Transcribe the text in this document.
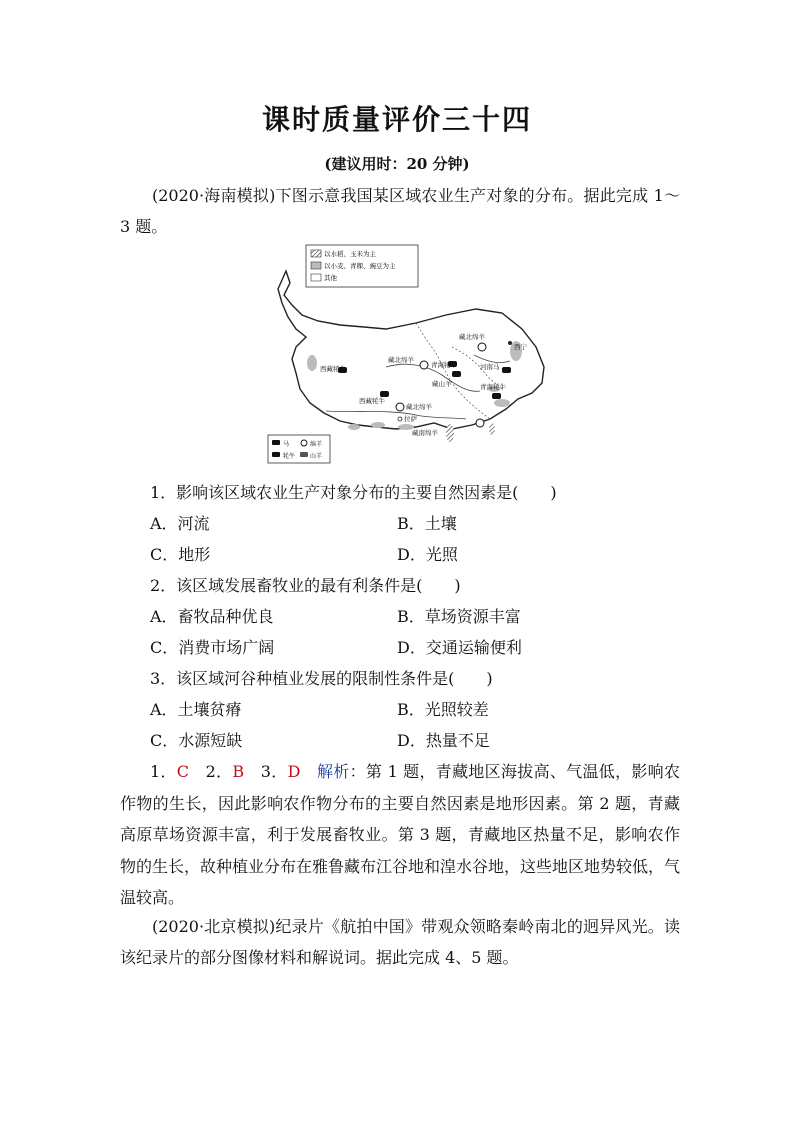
课时质量评价三十四
(建议用时：20 分钟)
(2020·海南模拟)下图示意我国某区域农业生产对象的分布。据此完成 1～3 题。
以水稻、玉米为主
以小麦、青稞、豌豆为主
其他
西藏牦牛
藏北绵羊
青海牦牛
藏北绵羊
河南马
西宁
藏山羊	青海牦牛
西藏牦牛
藏北绵羊
拉萨
藏南绵羊
马	绵羊
牦牛 山羊
1．影响该区域农业生产对象分布的主要自然因素是(　　)
A．河流	B．土壤
C．地形	D．光照
2．该区域发展畜牧业的最有利条件是(　　)
A．畜牧品种优良	B．草场资源丰富
C．消费市场广阔	D．交通运输便利
3．该区域河谷种植业发展的限制性条件是(　　)
A．土壤贫瘠	B．光照较差
C．水源短缺	D．热量不足
1．C　 2．B　 3．D　 解析：第 1 题，青藏地区海拔高、气温低，影响农作物的生长，因此影响农作物分布的主要自然因素是地形因素。第 2 题，青藏高原草场资源丰富，利于发展畜牧业。第 3 题，青藏地区热量不足，影响农作物的生长，故种植业分布在雅鲁藏布江谷地和湟水谷地，这些地区地势较低，气温较高。
(2020·北京模拟)纪录片《航拍中国》带观众领略秦岭南北的迥异风光。读该纪录片的部分图像材料和解说词。据此完成 4、5 题。
